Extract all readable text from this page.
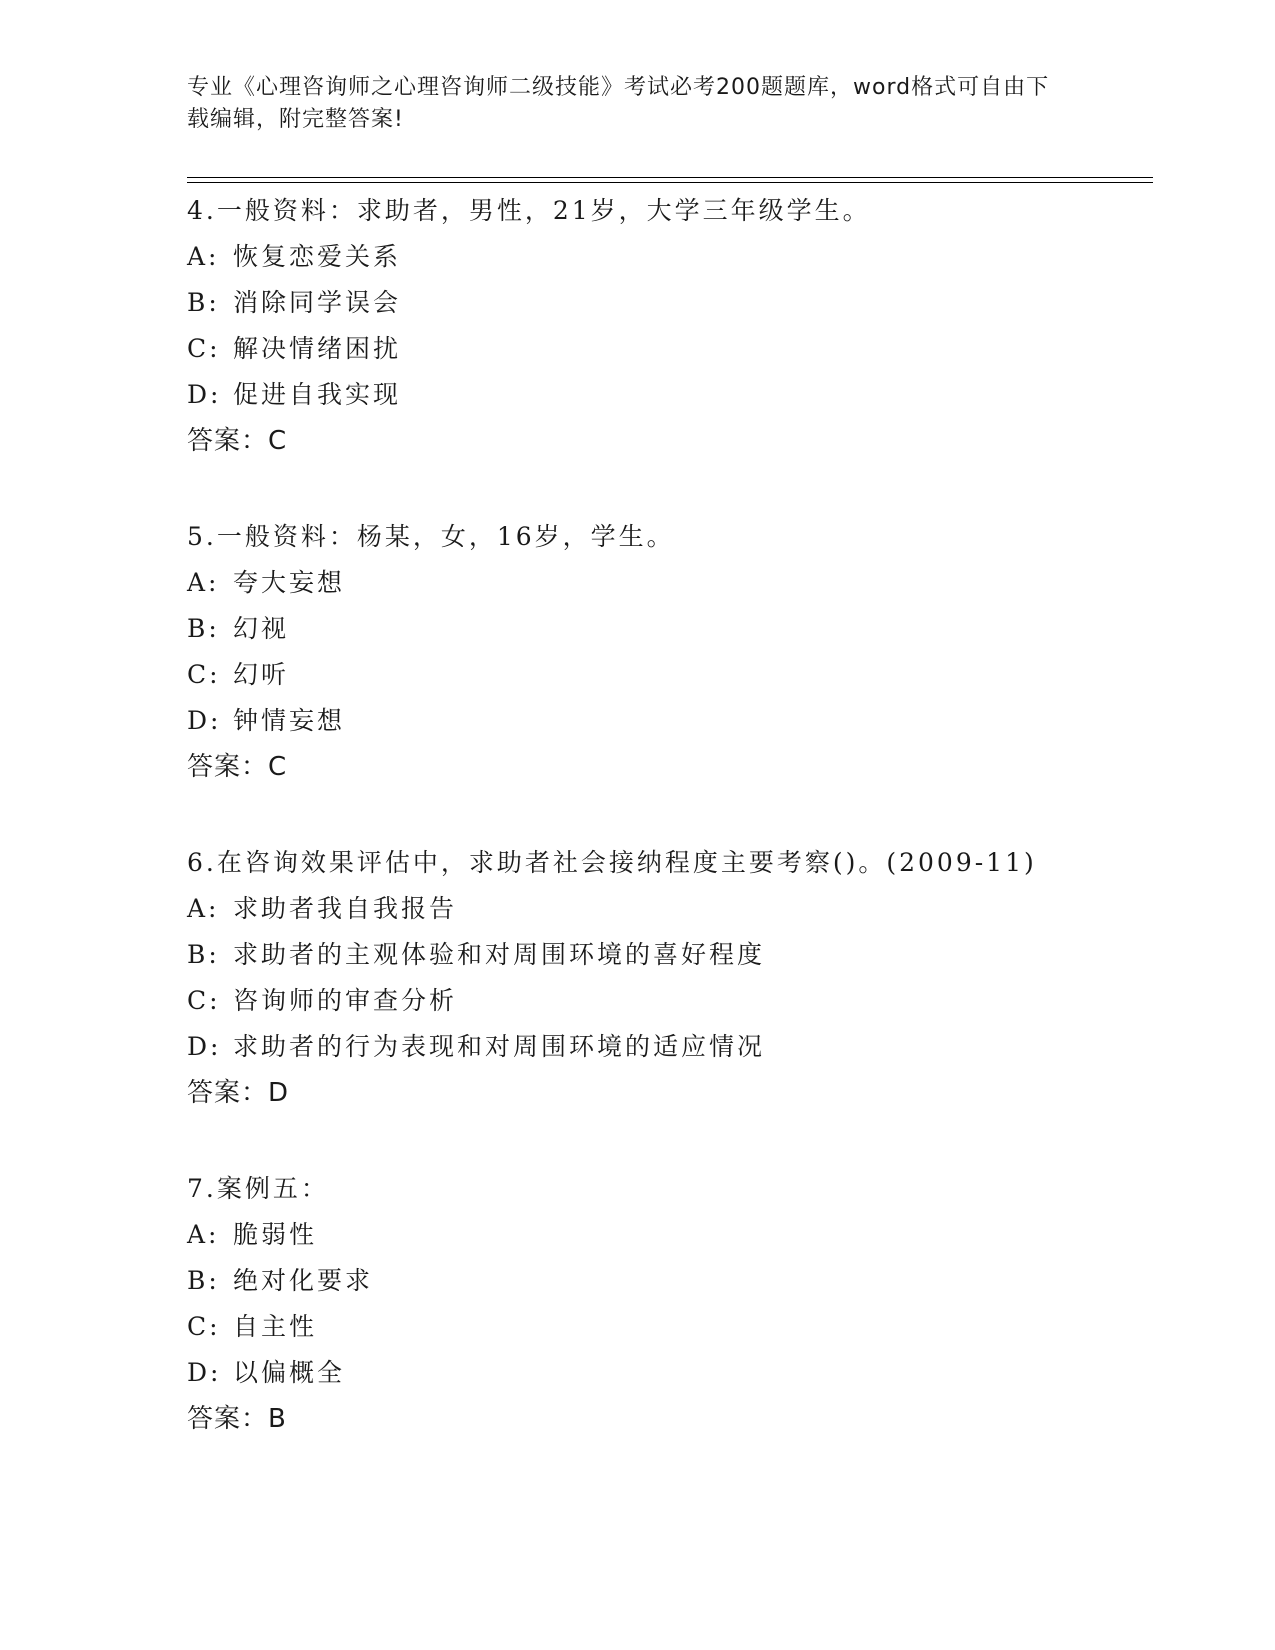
专业《心理咨询师之心理咨询师二级技能》考试必考200题题库，word格式可自由下载编辑，附完整答案!
4.一般资料：求助者，男性，21岁，大学三年级学生。
A: 恢复恋爱关系
B: 消除同学误会
C: 解决情绪困扰
D: 促进自我实现
答案：C
5.一般资料：杨某，女，16岁，学生。
A: 夸大妄想
B: 幻视
C: 幻听
D: 钟情妄想
答案：C
6.在咨询效果评估中，求助者社会接纳程度主要考察()。(2009-11)
A: 求助者我自我报告
B: 求助者的主观体验和对周围环境的喜好程度
C: 咨询师的审查分析
D: 求助者的行为表现和对周围环境的适应情况
答案：D
7.案例五：
A: 脆弱性
B: 绝对化要求
C: 自主性
D: 以偏概全
答案：B
